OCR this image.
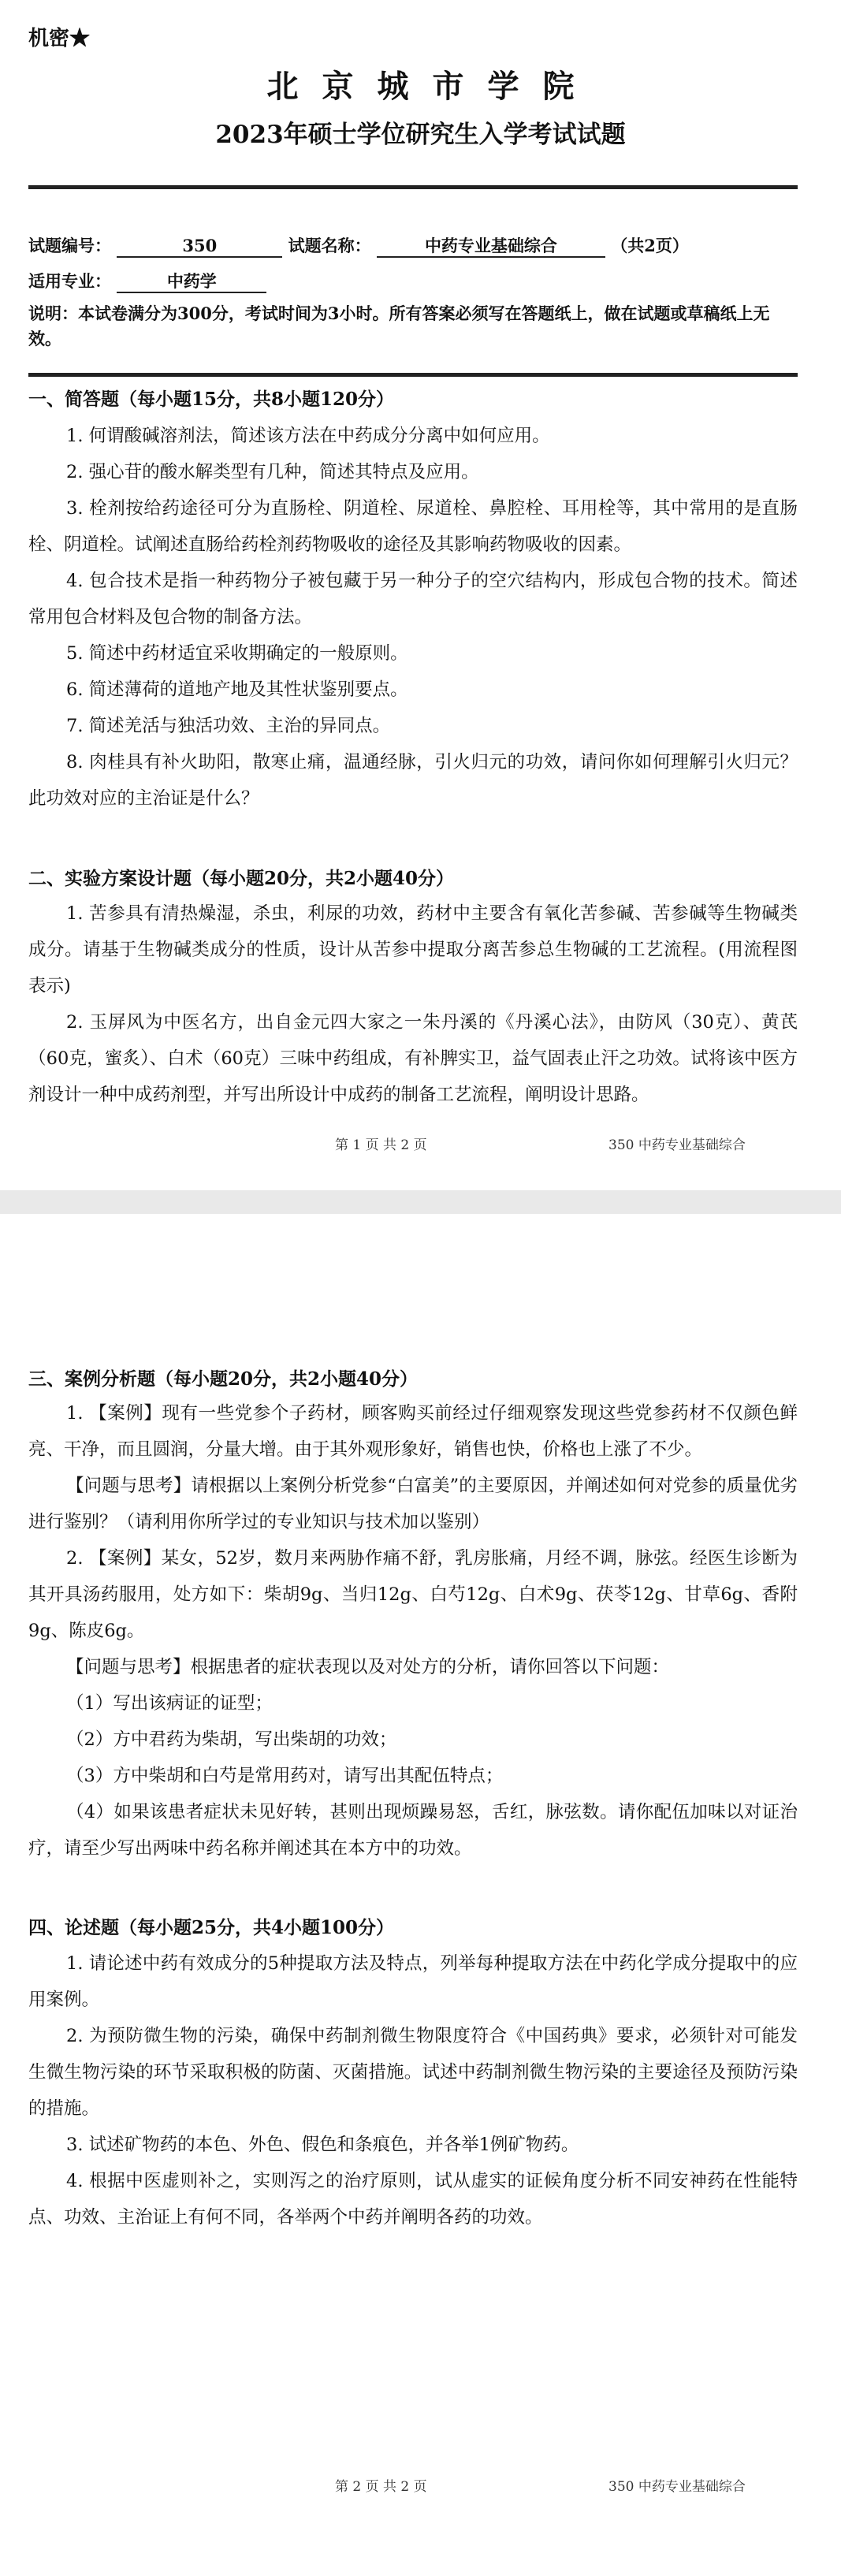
机密★
北京城市学院
2023年硕士学位研究生入学考试试题
试题编号：	350	试题名称：	中药专业基础综合	（共2页）
适用专业：	中药学
说明：本试卷满分为300分，考试时间为3小时。所有答案必须写在答题纸上，做在试题或草稿纸上无效。
一、简答题（每小题15分，共8小题120分）
1. 何谓酸碱溶剂法，简述该方法在中药成分分离中如何应用。
2. 强心苷的酸水解类型有几种，简述其特点及应用。
3. 栓剂按给药途径可分为直肠栓、阴道栓、尿道栓、鼻腔栓、耳用栓等，其中常用的是直肠栓、阴道栓。试阐述直肠给药栓剂药物吸收的途径及其影响药物吸收的因素。
4. 包合技术是指一种药物分子被包藏于另一种分子的空穴结构内，形成包合物的技术。简述常用包合材料及包合物的制备方法。
5. 简述中药材适宜采收期确定的一般原则。
6. 简述薄荷的道地产地及其性状鉴别要点。
7. 简述羌活与独活功效、主治的异同点。
8. 肉桂具有补火助阳，散寒止痛，温通经脉，引火归元的功效，请问你如何理解引火归元？此功效对应的主治证是什么？
二、实验方案设计题（每小题20分，共2小题40分）
1. 苦参具有清热燥湿，杀虫，利尿的功效，药材中主要含有氧化苦参碱、苦参碱等生物碱类成分。请基于生物碱类成分的性质，设计从苦参中提取分离苦参总生物碱的工艺流程。(用流程图表示)
2. 玉屏风为中医名方，出自金元四大家之一朱丹溪的《丹溪心法》，由防风（30克）、黄芪（60克，蜜炙）、白术（60克）三味中药组成，有补脾实卫，益气固表止汗之功效。试将该中医方剂设计一种中成药剂型，并写出所设计中成药的制备工艺流程，阐明设计思路。
第 1 页 共 2 页	350 中药专业基础综合
三、案例分析题（每小题20分，共2小题40分）
1. 【案例】现有一些党参个子药材，顾客购买前经过仔细观察发现这些党参药材不仅颜色鲜亮、干净，而且圆润，分量大增。由于其外观形象好，销售也快，价格也上涨了不少。
【问题与思考】请根据以上案例分析党参“白富美”的主要原因，并阐述如何对党参的质量优劣进行鉴别？（请利用你所学过的专业知识与技术加以鉴别）
2. 【案例】某女，52岁，数月来两胁作痛不舒，乳房胀痛，月经不调，脉弦。经医生诊断为其开具汤药服用，处方如下：柴胡9g、当归12g、白芍12g、白术9g、茯苓12g、甘草6g、香附9g、陈皮6g。
【问题与思考】根据患者的症状表现以及对处方的分析，请你回答以下问题：
（1）写出该病证的证型；
（2）方中君药为柴胡，写出柴胡的功效；
（3）方中柴胡和白芍是常用药对，请写出其配伍特点；
（4）如果该患者症状未见好转，甚则出现烦躁易怒，舌红，脉弦数。请你配伍加味以对证治疗，请至少写出两味中药名称并阐述其在本方中的功效。
四、论述题（每小题25分，共4小题100分）
1. 请论述中药有效成分的5种提取方法及特点，列举每种提取方法在中药化学成分提取中的应用案例。
2. 为预防微生物的污染，确保中药制剂微生物限度符合《中国药典》要求，必须针对可能发生微生物污染的环节采取积极的防菌、灭菌措施。试述中药制剂微生物污染的主要途径及预防污染的措施。
3. 试述矿物药的本色、外色、假色和条痕色，并各举1例矿物药。
4. 根据中医虚则补之，实则泻之的治疗原则，试从虚实的证候角度分析不同安神药在性能特点、功效、主治证上有何不同，各举两个中药并阐明各药的功效。
第 2 页 共 2 页	350 中药专业基础综合
